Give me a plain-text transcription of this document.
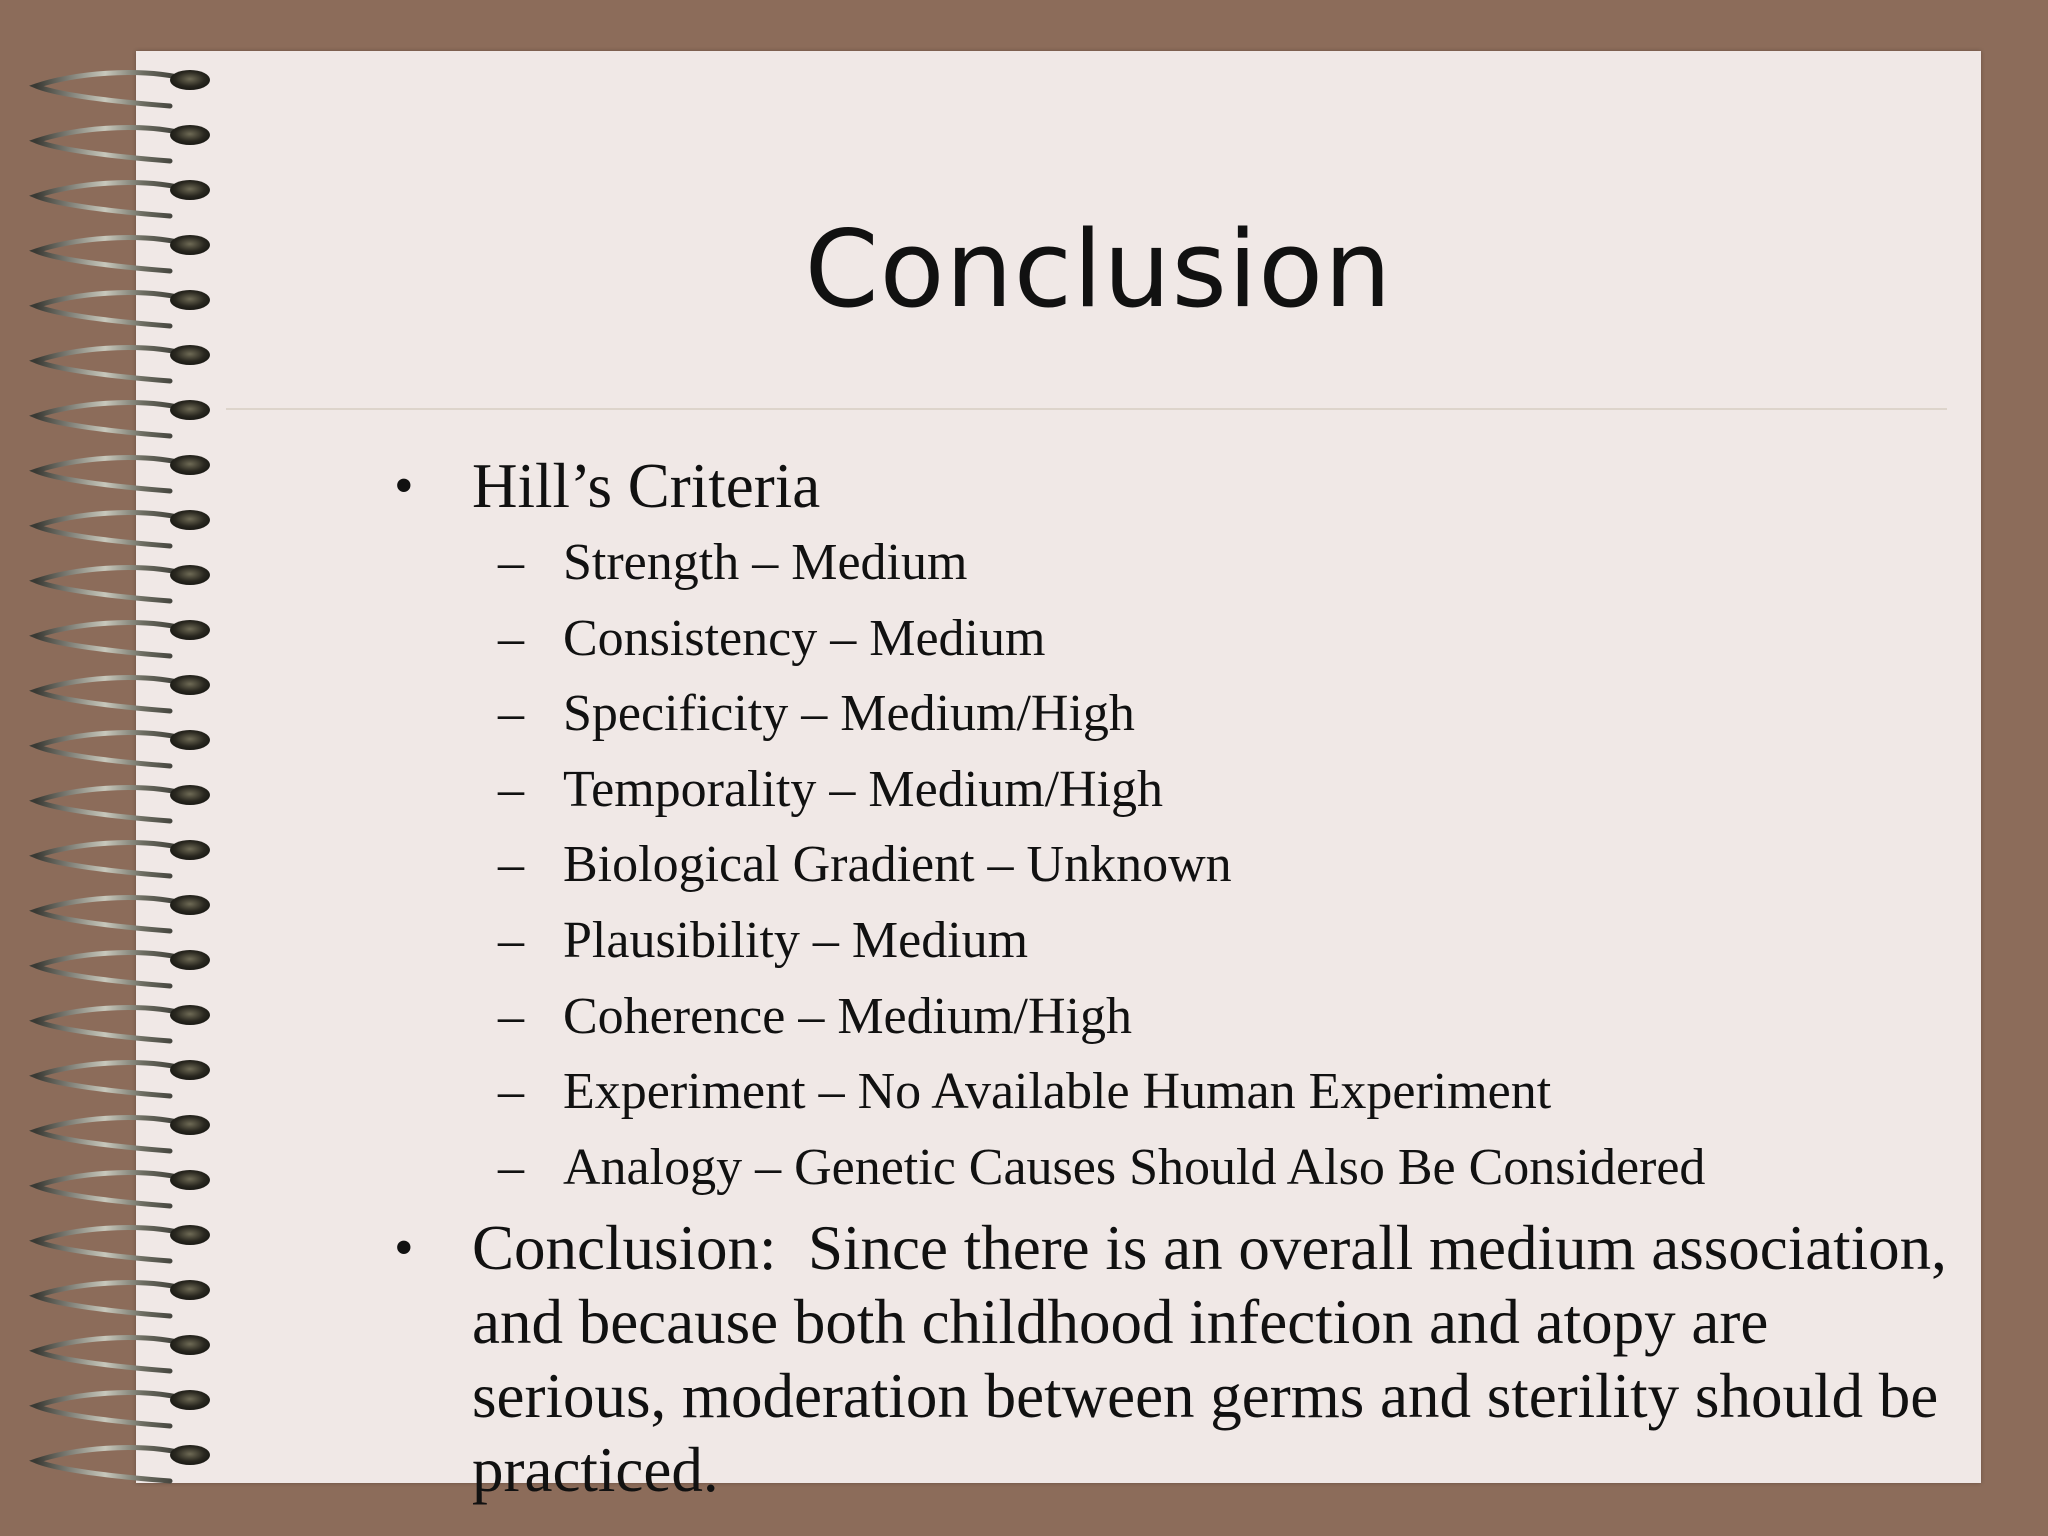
Conclusion
• Hill’s Criteria
– Strength – Medium
– Consistency – Medium
– Specificity – Medium/High
– Temporality – Medium/High
– Biological Gradient – Unknown
– Plausibility – Medium
– Coherence – Medium/High
– Experiment – No Available Human Experiment
– Analogy – Genetic Causes Should Also Be Considered
• Conclusion:  Since there is an overall medium association, and because both childhood infection and atopy are serious, moderation between germs and sterility should be practiced.
